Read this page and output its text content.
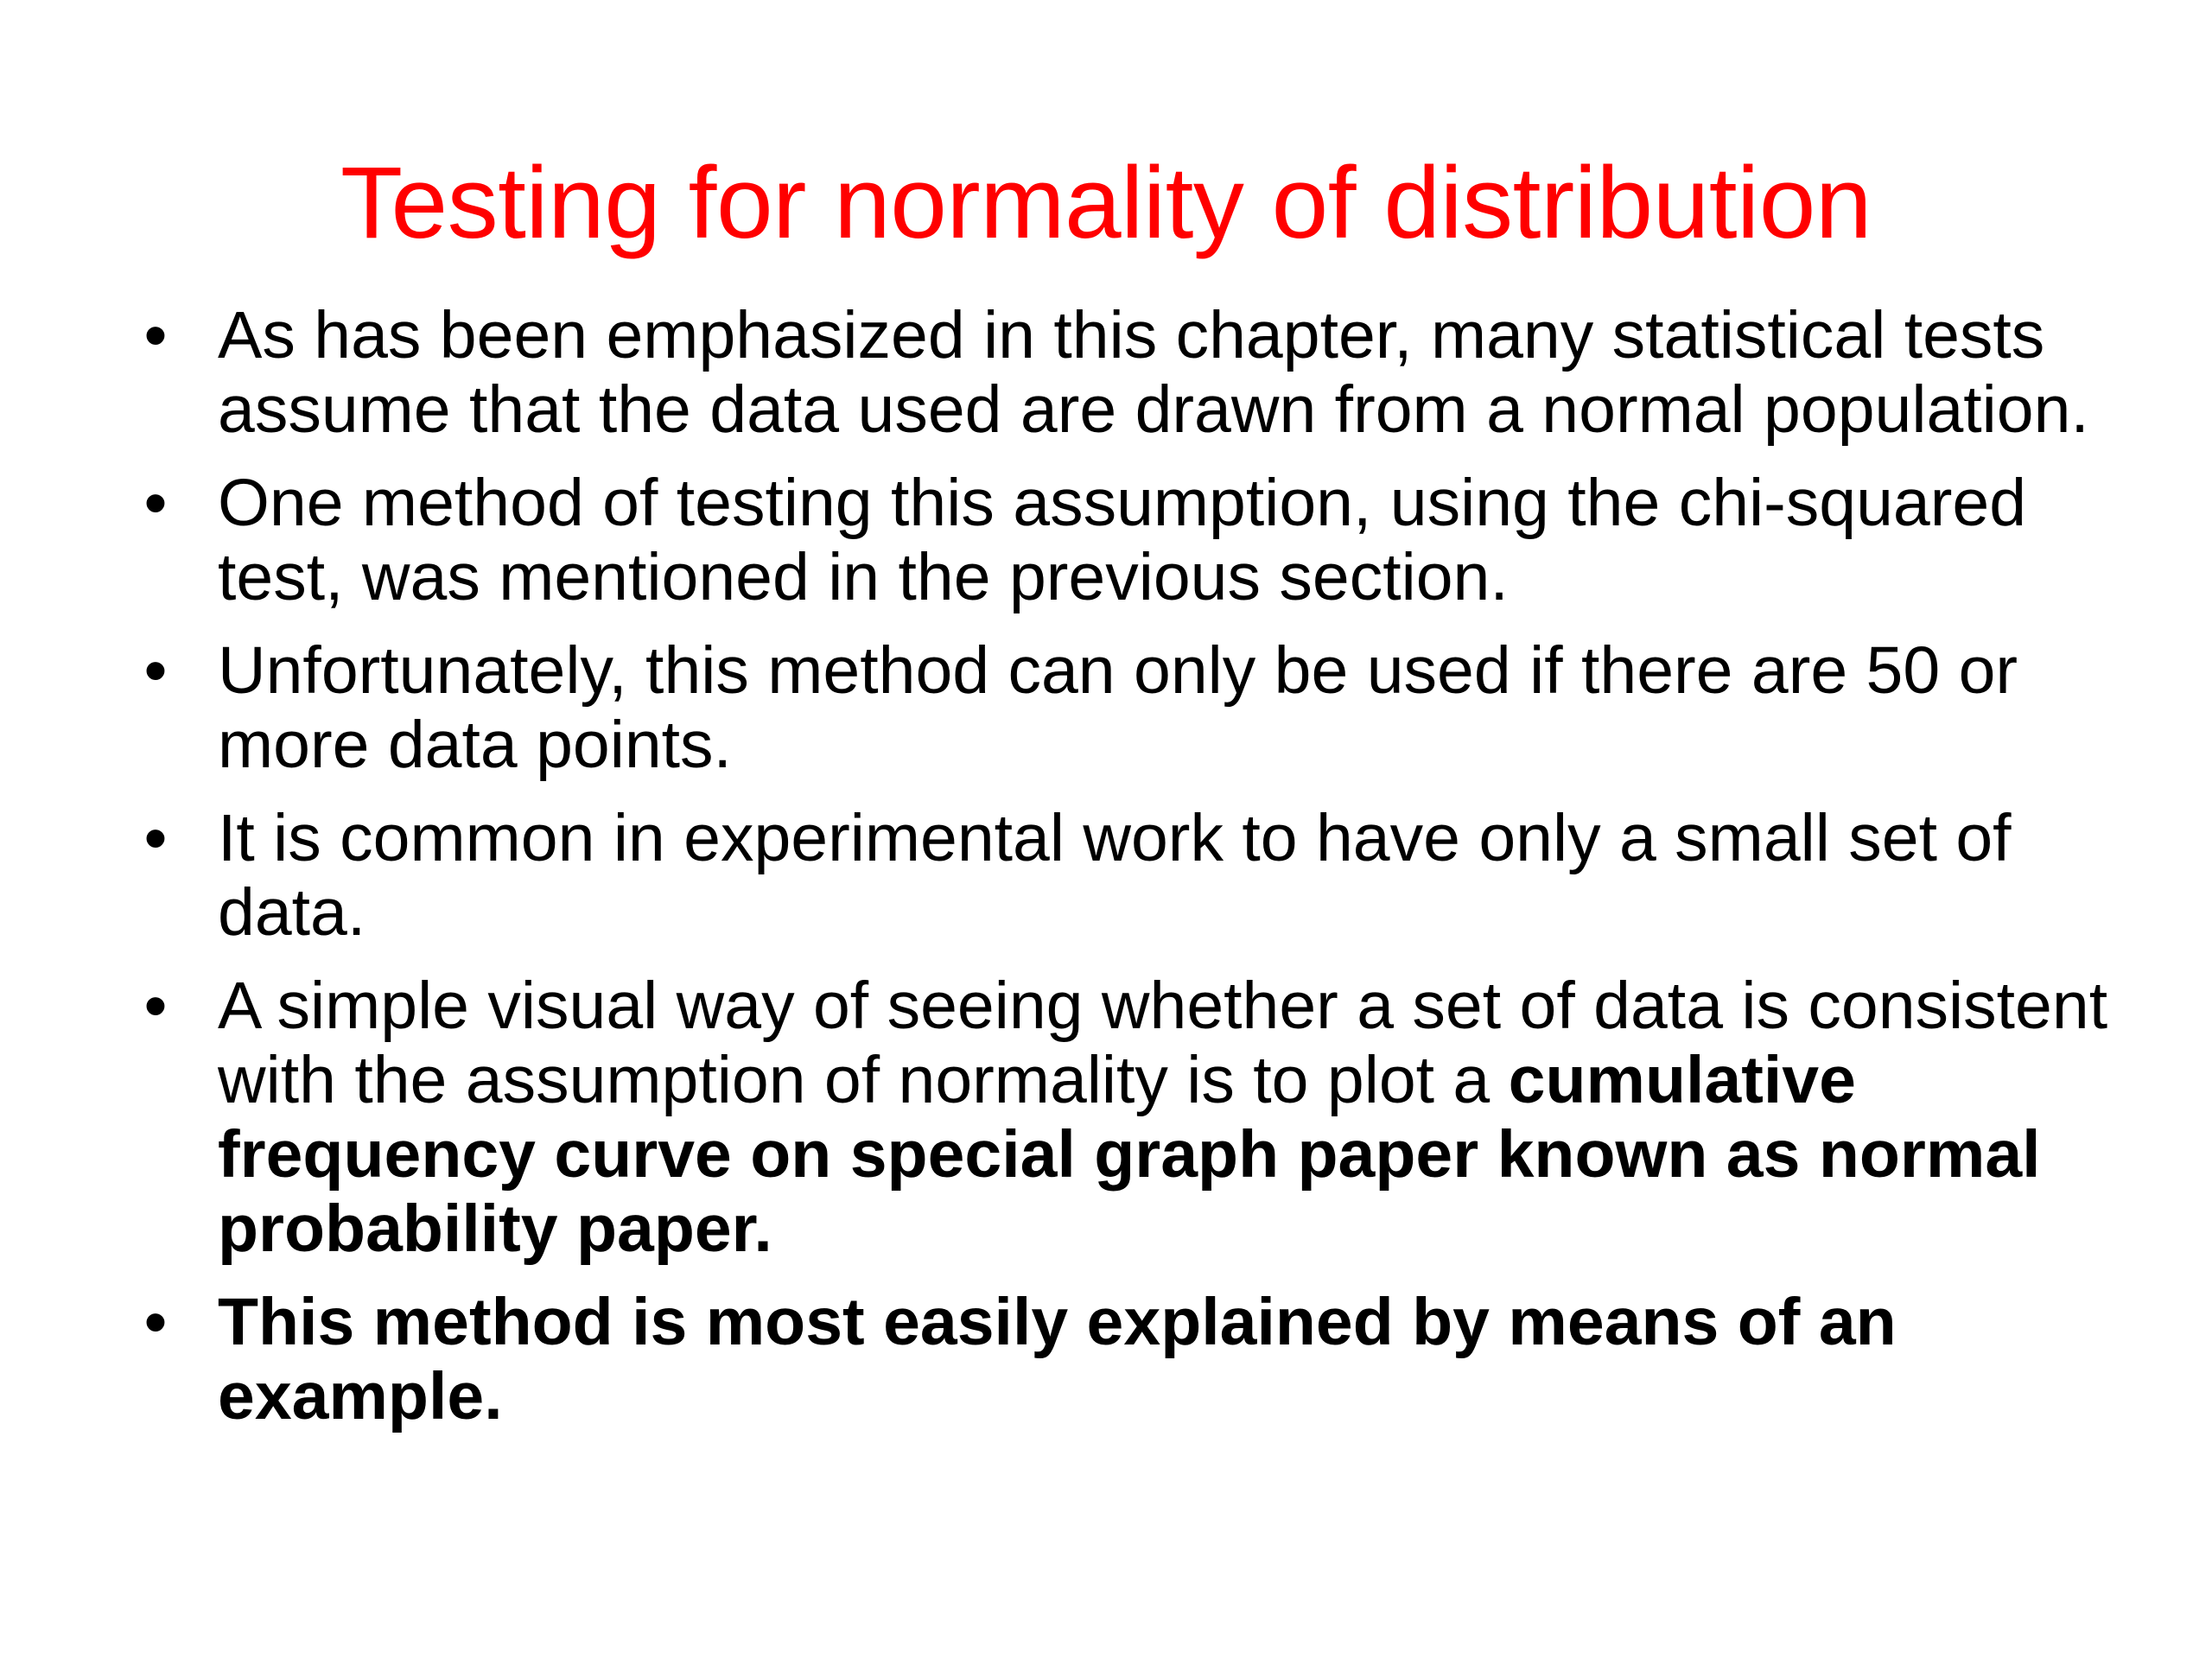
Testing for normality of distribution
• As has been emphasized in this chapter, many statistical tests assume that the data used are drawn from a normal population.
• One method of testing this assumption, using the chi-squared test, was mentioned in the previous section.
• Unfortunately, this method can only be used if there are 50 or more data points.
• It is common in experimental work to have only a small set of data.
• A simple visual way of seeing whether a set of data is consistent with the assumption of normality is to plot a cumulative frequency curve on special graph paper known as normal probability paper.
• This method is most easily explained by means of an example.
